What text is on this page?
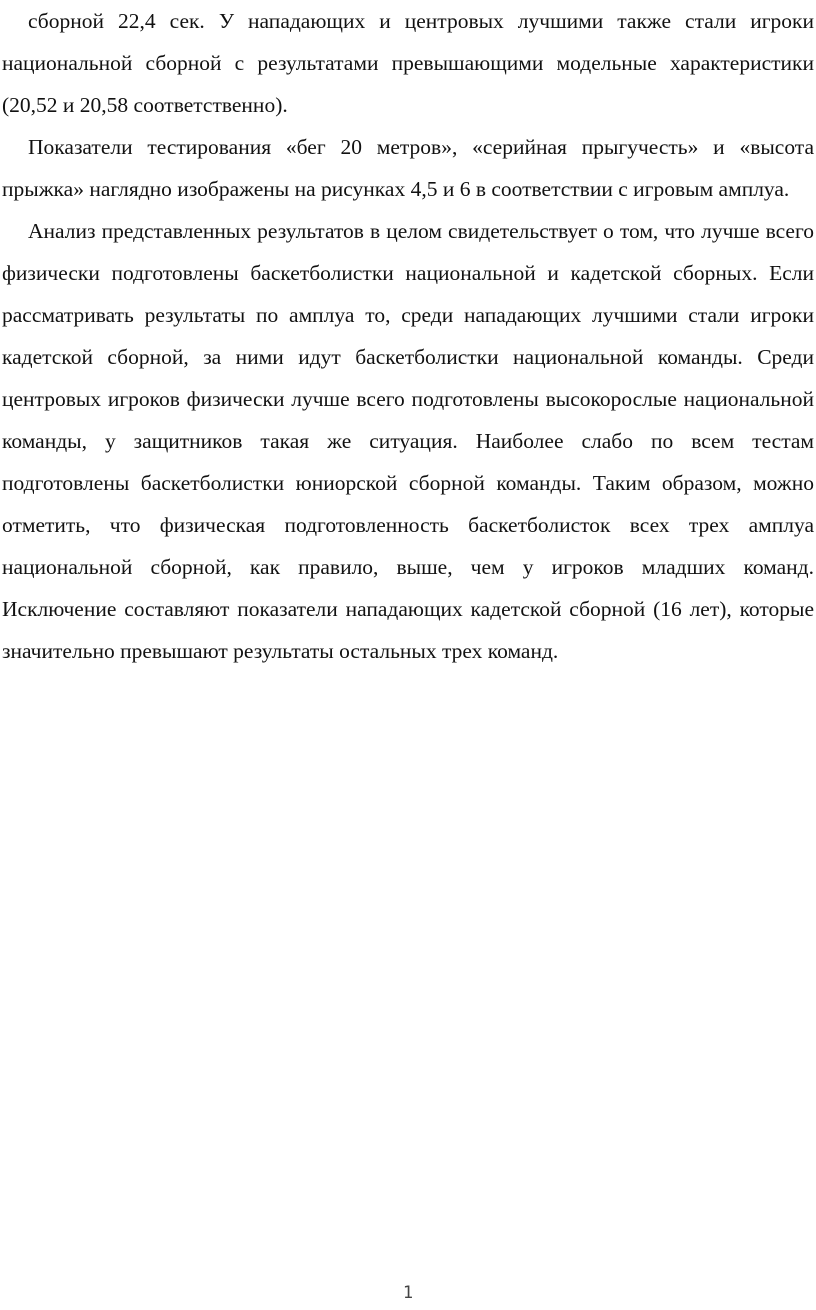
сборной 22,4 сек. У нападающих и центровых лучшими также стали игроки национальной сборной с результатами превышающими модельные характеристики (20,52 и 20,58 соответственно).

Показатели тестирования «бег 20 метров», «серийная прыгучесть» и «высота прыжка» наглядно изображены на рисунках 4,5 и 6 в соответствии с игровым амплуа.

Анализ представленных результатов в целом свидетельствует о том, что лучше всего физически подготовлены баскетболистки национальной и кадетской сборных. Если рассматривать результаты по амплуа то, среди нападающих лучшими стали игроки кадетской сборной, за ними идут баскетболистки национальной команды. Среди центровых игроков физически лучше всего подготовлены высокорослые национальной команды, у защитников такая же ситуация. Наиболее слабо по всем тестам подготовлены баскетболистки юниорской сборной команды. Таким образом, можно отметить, что физическая подготовленность баскетболисток всех трех амплуа национальной сборной, как правило, выше, чем у игроков младших команд. Исключение составляют показатели нападающих кадетской сборной (16 лет), которые значительно превышают результаты остальных трех команд.

1
